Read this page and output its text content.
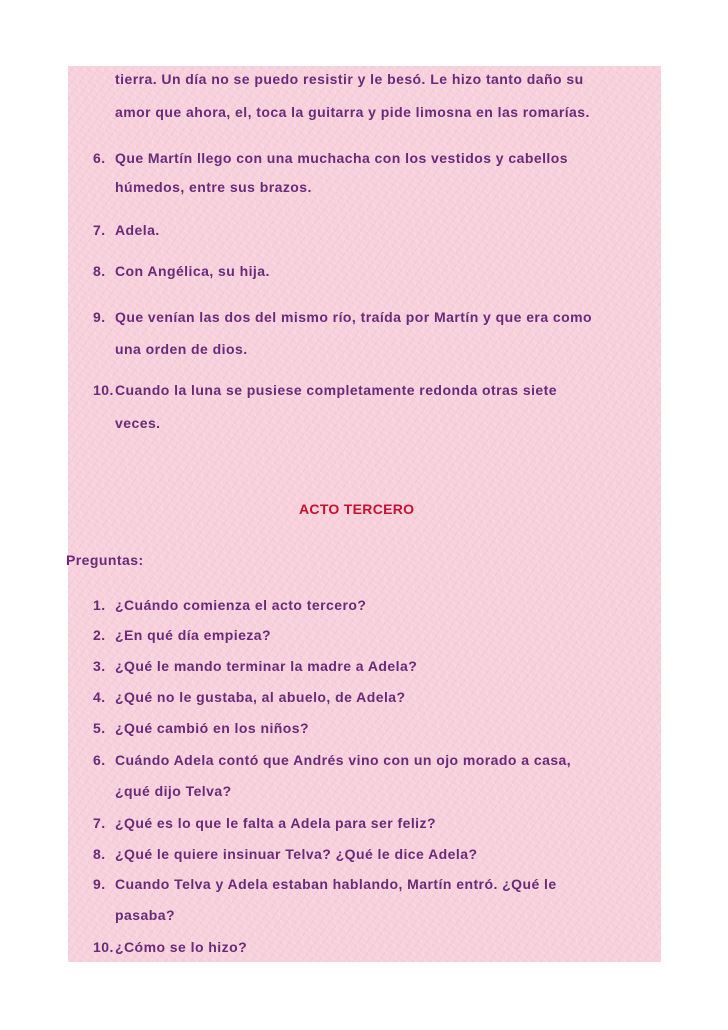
tierra. Un día no se puedo resistir y le besó. Le hizo tanto daño su
amor que ahora, el, toca la guitarra y pide limosna en las romarías.
6. Que Martín llego con una muchacha con los vestidos y cabellos
húmedos, entre sus brazos.
7. Adela.
8. Con Angélica, su hija.
9. Que venían las dos del mismo río, traída por Martín y que era como
una orden de dios.
10. Cuando la luna se pusiese completamente redonda otras siete
veces.
ACTO TERCERO
Preguntas:
1. ¿Cuándo comienza el acto tercero?
2. ¿En qué día empieza?
3. ¿Qué le mando terminar la madre a Adela?
4. ¿Qué no le gustaba, al abuelo, de Adela?
5. ¿Qué cambió en los niños?
6. Cuándo Adela contó que Andrés vino con un ojo morado a casa,
¿qué dijo Telva?
7. ¿Qué es lo que le falta a Adela para ser feliz?
8. ¿Qué le quiere insinuar Telva? ¿Qué le dice Adela?
9. Cuando Telva y Adela estaban hablando, Martín entró. ¿Qué le
pasaba?
10. ¿Cómo se lo hizo?
